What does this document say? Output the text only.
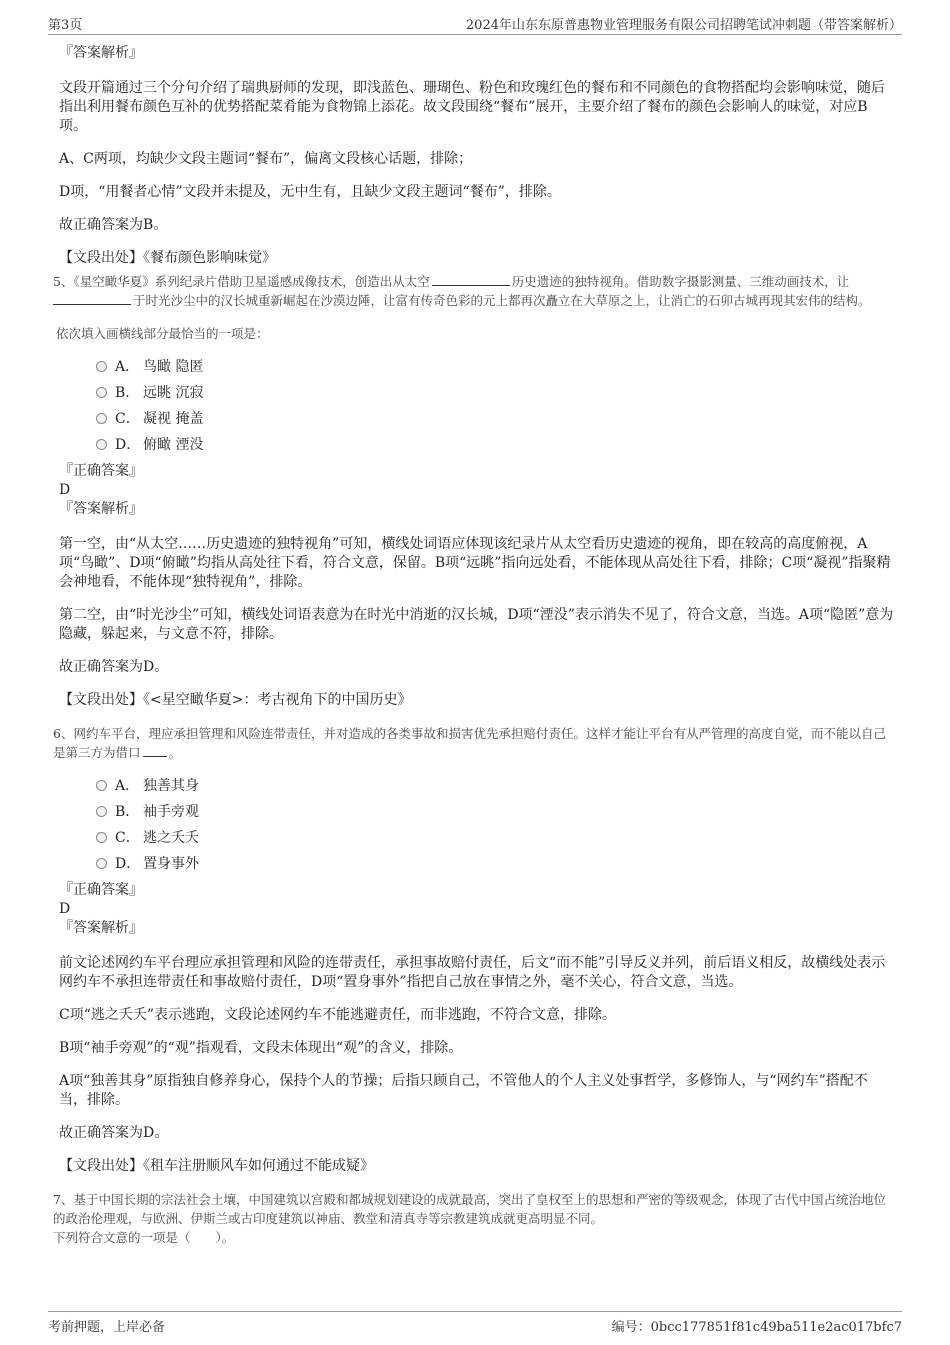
第3页	2024年山东东原普惠物业管理服务有限公司招聘笔试冲刺题（带答案解析）
『答案解析』
文段开篇通过三个分句介绍了瑞典厨师的发现，即浅蓝色、珊瑚色、粉色和玫瑰红色的餐布和不同颜色的食物搭配均会影响味觉，随后指出利用餐布颜色互补的优势搭配菜肴能为食物锦上添花。故文段围绕“餐布”展开，主要介绍了餐布的颜色会影响人的味觉，对应B项。
A、C两项，均缺少文段主题词“餐布”，偏离文段核心话题，排除；
D项，“用餐者心情”文段并未提及，无中生有，且缺少文段主题词“餐布”，排除。
故正确答案为B。
【文段出处】《餐布颜色影响味觉》
5、《星空瞰华夏》系列纪录片借助卫星遥感成像技术，创造出从太空	历史遗迹的独特视角。借助数字摄影测量、三维动画技术，让
于时光沙尘中的汉长城重新崛起在沙漠边陲，让富有传奇色彩的元上都再次矗立在大草原之上，让消亡的石卯古城再现其宏伟的结构。
依次填入画横线部分最恰当的一项是：
A． 鸟瞰 隐匿
B． 远眺 沉寂
C． 凝视 掩盖
D． 俯瞰 湮没
『正确答案』
D
『答案解析』
第一空，由“从太空……历史遗迹的独特视角”可知，横线处词语应体现该纪录片从太空看历史遗迹的视角，即在较高的高度俯视，A项“鸟瞰”、D项“俯瞰”均指从高处往下看，符合文意，保留。B项“远眺”指向远处看，不能体现从高处往下看，排除；C项“凝视”指聚精会神地看，不能体现“独特视角”，排除。
第二空，由“时光沙尘”可知，横线处词语表意为在时光中消逝的汉长城，D项“湮没”表示消失不见了，符合文意，当选。A项“隐匿”意为隐藏，躲起来，与文意不符，排除。
故正确答案为D。
【文段出处】《<星空瞰华夏>：考古视角下的中国历史》
6、网约车平台，理应承担管理和风险连带责任，并对造成的各类事故和损害优先承担赔付责任。这样才能让平台有从严管理的高度自觉，而不能以自己是第三方为借口 。
A． 独善其身
B． 袖手旁观
C． 逃之夭夭
D． 置身事外
『正确答案』
D
『答案解析』
前文论述网约车平台理应承担管理和风险的连带责任，承担事故赔付责任，后文“而不能”引导反义并列，前后语义相反，故横线处表示网约车不承担连带责任和事故赔付责任，D项“置身事外”指把自己放在事情之外，毫不关心，符合文意，当选。
C项“逃之夭夭”表示逃跑，文段论述网约车不能逃避责任，而非逃跑，不符合文意，排除。
B项“袖手旁观”的“观”指观看，文段未体现出“观”的含义，排除。
A项“独善其身”原指独自修养身心，保持个人的节操；后指只顾自己，不管他人的个人主义处事哲学，多修饰人，与“网约车”搭配不当，排除。
故正确答案为D。
【文段出处】《租车注册顺风车如何通过不能成疑》
7、基于中国长期的宗法社会土壤，中国建筑以宫殿和都城规划建设的成就最高，突出了皇权至上的思想和严密的等级观念，体现了古代中国占统治地位的政治伦理观，与欧洲、伊斯兰或古印度建筑以神庙、教堂和清真寺等宗教建筑成就更高明显不同。
下列符合文意的一项是（　　）。
考前押题，上岸必备	编号：0bcc177851f81c49ba511e2ac017bfc7
